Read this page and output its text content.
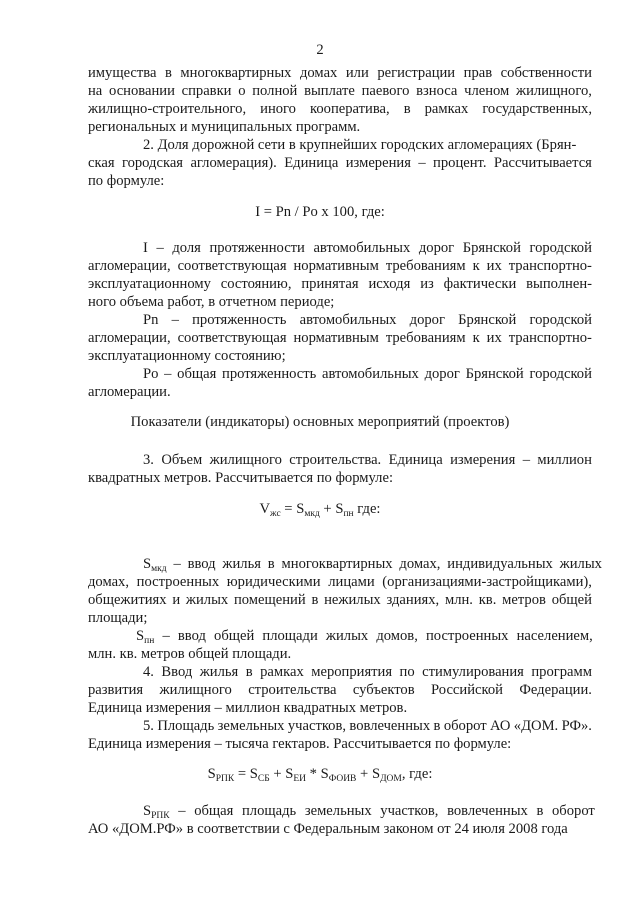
2
имущества в многоквартирных домах или регистрации прав собственности
на основании справки о полной выплате паевого взноса членом жилищного,
жилищно-строительного, иного кооператива, в рамках государственных,
региональных и муниципальных программ.
2. Доля дорожной сети в крупнейших городских агломерациях (Брян-
ская городская агломерация). Единица измерения – процент. Рассчитывается
по формуле:
I = Pn / Po x 100, где:
I – доля протяженности автомобильных дорог Брянской городской
агломерации, соответствующая нормативным требованиям к их транспортно-
эксплуатационному состоянию, принятая исходя из фактически выполнен-
ного объема работ, в отчетном периоде;
Pn – протяженность автомобильных дорог Брянской городской
агломерации, соответствующая нормативным требованиям к их транспортно-
эксплуатационному состоянию;
Po – общая протяженность автомобильных дорог Брянской городской
агломерации.
Показатели (индикаторы) основных мероприятий (проектов)
3. Объем жилищного строительства. Единица измерения – миллион
квадратных метров. Рассчитывается по формуле:
$V_{жс} = S_{мкд} + S_{пн}$ где:
$S_{мкд}$ – ввод жилья в многоквартирных домах, индивидуальных жилых
домах, построенных юридическими лицами (организациями-застройщиками),
общежитиях и жилых помещений в нежилых зданиях, млн. кв. метров общей
площади;
$S_{пн}$ – ввод общей площади жилых домов, построенных населением,
млн. кв. метров общей площади.
4. Ввод жилья в рамках мероприятия по стимулирования программ
развития жилищного строительства субъектов Российской Федерации.
Единица измерения – миллион квадратных метров.
5. Площадь земельных участков, вовлеченных в оборот АО «ДОМ. РФ».
Единица измерения – тысяча гектаров. Рассчитывается по формуле:
$S_{РПК} = S_{СБ} + S_{ЕИ} * S_{ФОИВ} + S_{ДОМ}$, где:
$S_{РПК}$ – общая площадь земельных участков, вовлеченных в оборот
АО «ДОМ.РФ» в соответствии с Федеральным законом от 24 июля 2008 года
